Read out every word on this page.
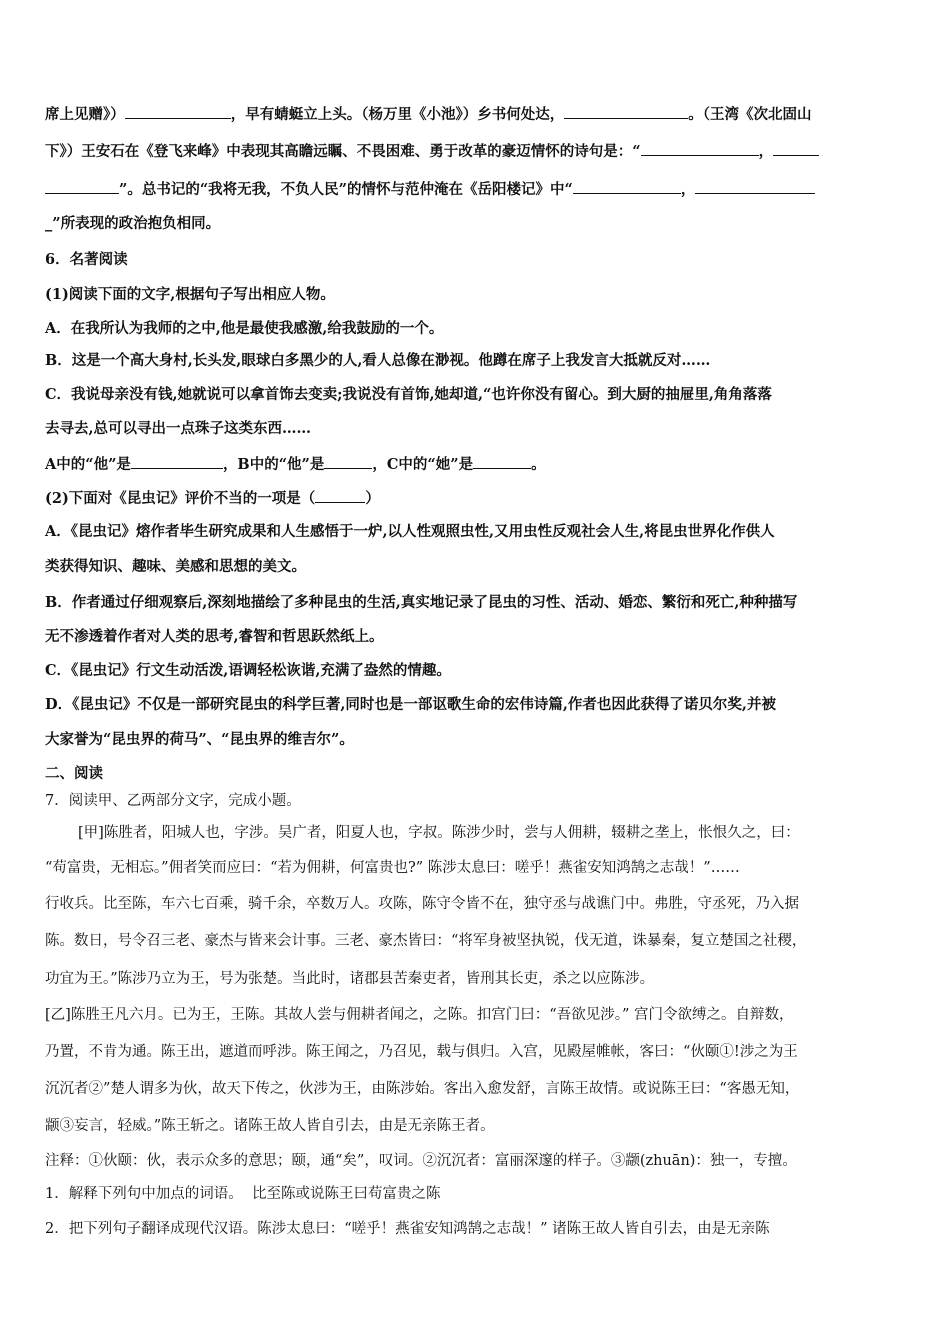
席上见赠》）	，早有蜻蜓立上头。（杨万里《小池》）乡书何处达，	。（王湾《次北固山
下》）王安石在《登飞来峰》中表现其高瞻远瞩、不畏困难、勇于改革的豪迈情怀的诗句是：“	，
”。总书记的“我将无我，不负人民”的情怀与范仲淹在《岳阳楼记》中“	，
_”所表现的政治抱负相同。
6．名著阅读
(1)阅读下面的文字,根据句子写出相应人物。
A．在我所认为我师的之中,他是最使我感激,给我鼓励的一个。
B．这是一个高大身村,长头发,眼球白多黑少的人,看人总像在渺视。他蹲在席子上我发言大抵就反对……
C．我说母亲没有钱,她就说可以拿首饰去变卖;我说没有首饰,她却道,“也许你没有留心。到大厨的抽屉里,角角落落
去寻去,总可以寻出一点珠子这类东西……
A中的“他”是	，B中的“他”是	，C中的“她”是	。
(2)下面对《昆虫记》评价不当的一项是（	）
A．《昆虫记》熔作者毕生研究成果和人生感悟于一炉,以人性观照虫性,又用虫性反观社会人生,将昆虫世界化作供人
类获得知识、趣味、美感和思想的美文。
B．作者通过仔细观察后,深刻地描绘了多种昆虫的生活,真实地记录了昆虫的习性、活动、婚恋、繁衍和死亡,种种描写
无不渗透着作者对人类的思考,睿智和哲思跃然纸上。
C．《昆虫记》行文生动活泼,语调轻松诙谐,充满了盎然的情趣。
D．《昆虫记》不仅是一部研究昆虫的科学巨著,同时也是一部讴歌生命的宏伟诗篇,作者也因此获得了诺贝尔奖,并被
大家誉为“昆虫界的荷马”、“昆虫界的维吉尔”。
二、阅读
7．阅读甲、乙两部分文字，完成小题。
[甲]陈胜者，阳城人也，字涉。吴广者，阳夏人也，字叔。陈涉少时，尝与人佣耕，辍耕之垄上，怅恨久之，曰：
“苟富贵，无相忘。”佣者笑而应曰：“若为佣耕，何富贵也?” 陈涉太息曰：嗟乎！燕雀安知鸿鹄之志哉！”……
行收兵。比至陈，车六七百乘，骑千余，卒数万人。攻陈，陈守令皆不在，独守丞与战谯门中。弗胜，守丞死，乃入据
陈。数日，号令召三老、豪杰与皆来会计事。三老、豪杰皆曰：“将军身被坚执锐，伐无道，诛暴秦，复立楚国之社稷，
功宜为王。”陈涉乃立为王，号为张楚。当此时，诸郡县苦秦吏者，皆刑其长吏，杀之以应陈涉。
[乙]陈胜王凡六月。已为王，王陈。其故人尝与佣耕者闻之，之陈。扣宫门曰：“吾欲见涉。” 宫门令欲缚之。自辩数，
乃置，不肯为通。陈王出，遮道而呼涉。陈王闻之，乃召见，载与俱归。入宫，见殿屋帷帐，客曰：“伙颐①!涉之为王
沉沉者②”楚人谓多为伙，故天下传之，伙涉为王，由陈涉始。客出入愈发舒，言陈王故情。或说陈王曰：“客愚无知，
颛③妄言，轻威。”陈王斩之。诸陈王故人皆自引去，由是无亲陈王者。
注释：①伙颐：伙，表示众多的意思；颐，通“矣”，叹词。②沉沉者：富丽深邃的样子。③颛(zhuān)：独一，专擅。
1．解释下列句中加点的词语。 比至陈或说陈王曰苟富贵之陈
2．把下列句子翻译成现代汉语。陈涉太息曰：“嗟乎！燕雀安知鸿鹄之志哉！” 诸陈王故人皆自引去，由是无亲陈
